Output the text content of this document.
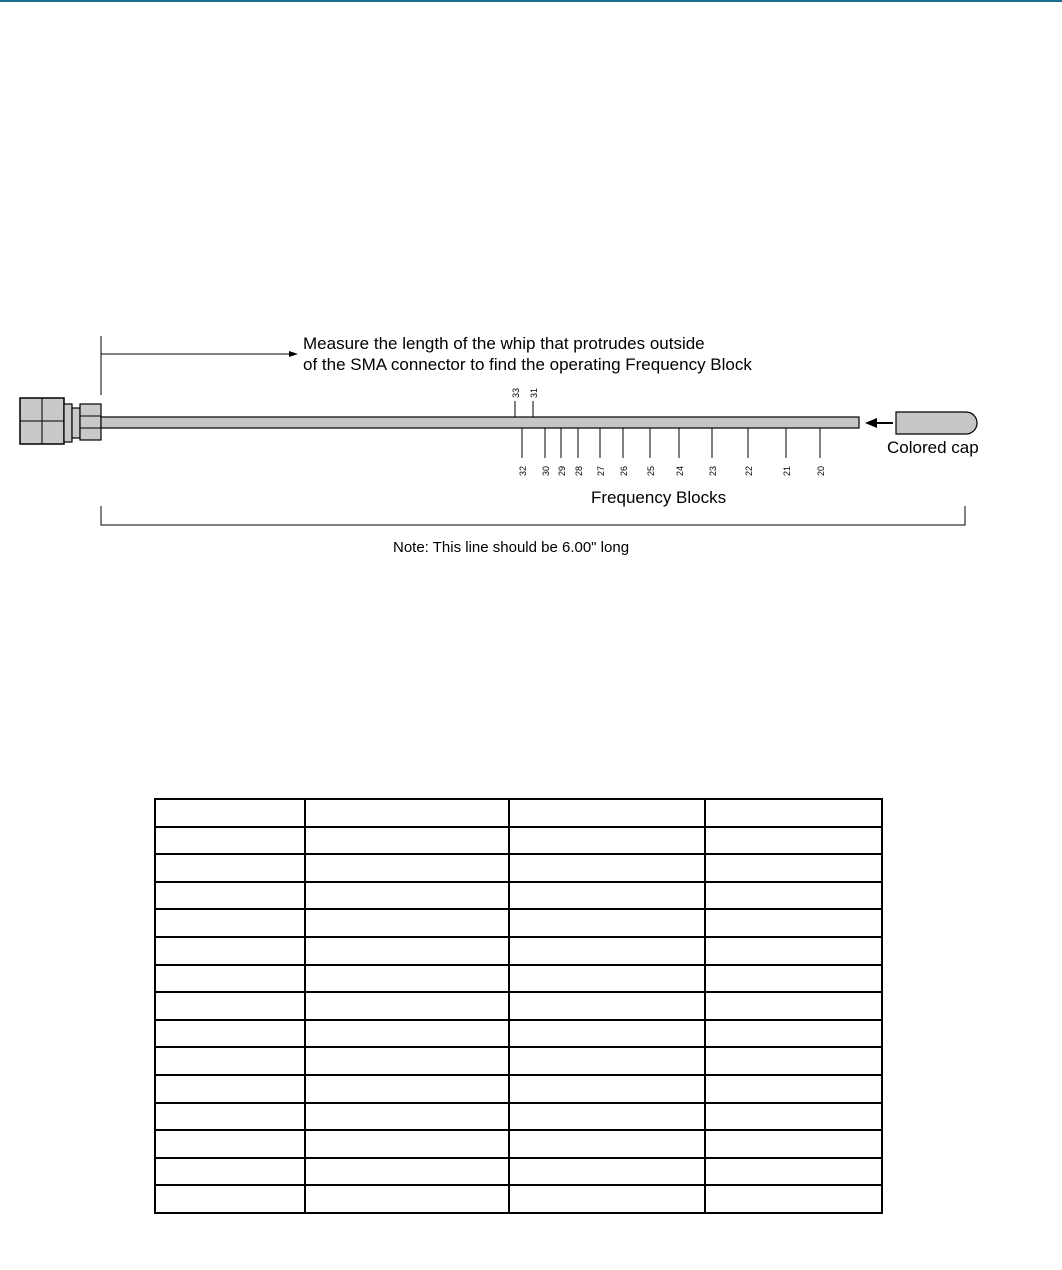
Measure the length of the whip that protrudes outside
of the SMA connector to find the operating Frequency Block
33 31
32 30 29 28 27 26 25 24	23	22	21	20
Colored cap
Frequency Blocks
Note: This line should be 6.00" long
